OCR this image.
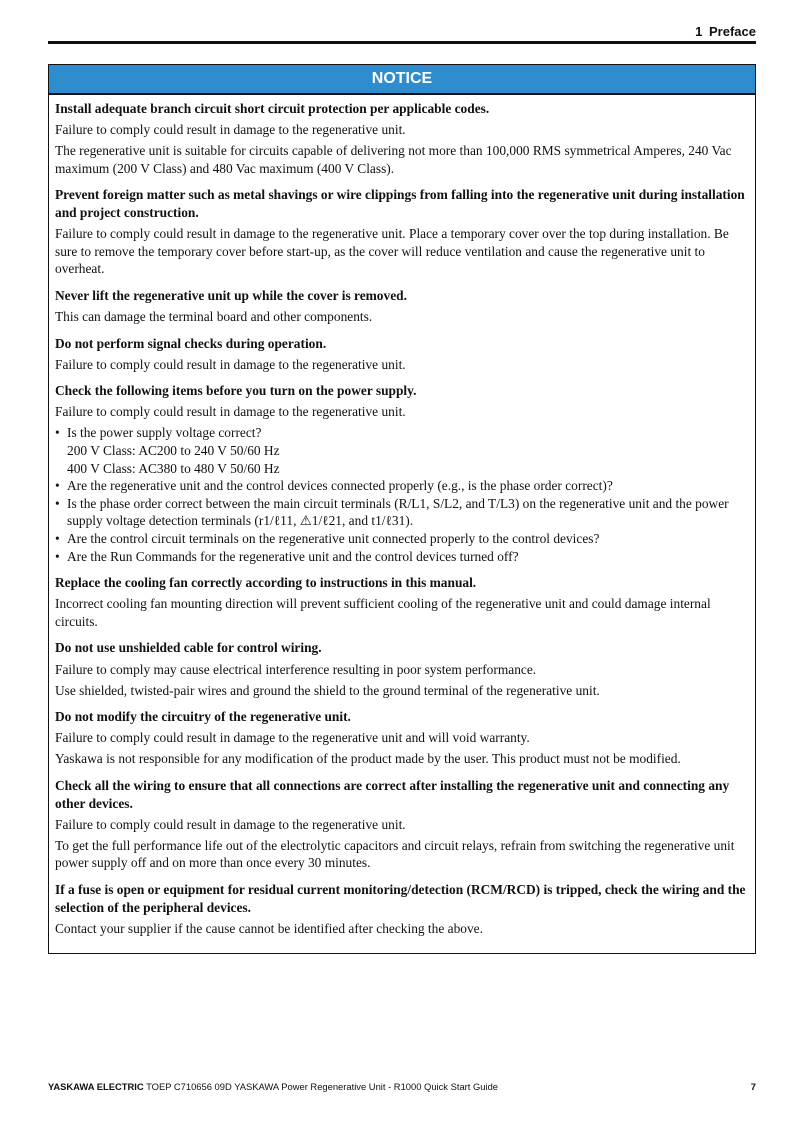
1 Preface
NOTICE
Install adequate branch circuit short circuit protection per applicable codes.
Failure to comply could result in damage to the regenerative unit.
The regenerative unit is suitable for circuits capable of delivering not more than 100,000 RMS symmetrical Amperes, 240 Vac maximum (200 V Class) and 480 Vac maximum (400 V Class).
Prevent foreign matter such as metal shavings or wire clippings from falling into the regenerative unit during installation and project construction.
Failure to comply could result in damage to the regenerative unit. Place a temporary cover over the top during installation. Be sure to remove the temporary cover before start-up, as the cover will reduce ventilation and cause the regenerative unit to overheat.
Never lift the regenerative unit up while the cover is removed.
This can damage the terminal board and other components.
Do not perform signal checks during operation.
Failure to comply could result in damage to the regenerative unit.
Check the following items before you turn on the power supply.
Failure to comply could result in damage to the regenerative unit.
• Is the power supply voltage correct?
200 V Class: AC200 to 240 V 50/60 Hz
400 V Class: AC380 to 480 V 50/60 Hz
• Are the regenerative unit and the control devices connected properly (e.g., is the phase order correct)?
• Is the phase order correct between the main circuit terminals (R/L1, S/L2, and T/L3) on the regenerative unit and the power supply voltage detection terminals (r1/ℓ11, ⚠1/ℓ21, and t1/ℓ31).
• Are the control circuit terminals on the regenerative unit connected properly to the control devices?
• Are the Run Commands for the regenerative unit and the control devices turned off?
Replace the cooling fan correctly according to instructions in this manual.
Incorrect cooling fan mounting direction will prevent sufficient cooling of the regenerative unit and could damage internal circuits.
Do not use unshielded cable for control wiring.
Failure to comply may cause electrical interference resulting in poor system performance.
Use shielded, twisted-pair wires and ground the shield to the ground terminal of the regenerative unit.
Do not modify the circuitry of the regenerative unit.
Failure to comply could result in damage to the regenerative unit and will void warranty.
Yaskawa is not responsible for any modification of the product made by the user. This product must not be modified.
Check all the wiring to ensure that all connections are correct after installing the regenerative unit and connecting any other devices.
Failure to comply could result in damage to the regenerative unit.
To get the full performance life out of the electrolytic capacitors and circuit relays, refrain from switching the regenerative unit power supply off and on more than once every 30 minutes.
If a fuse is open or equipment for residual current monitoring/detection (RCM/RCD) is tripped, check the wiring and the selection of the peripheral devices.
Contact your supplier if the cause cannot be identified after checking the above.
YASKAWA ELECTRIC TOEP C710656 09D YASKAWA Power Regenerative Unit - R1000 Quick Start Guide	7
